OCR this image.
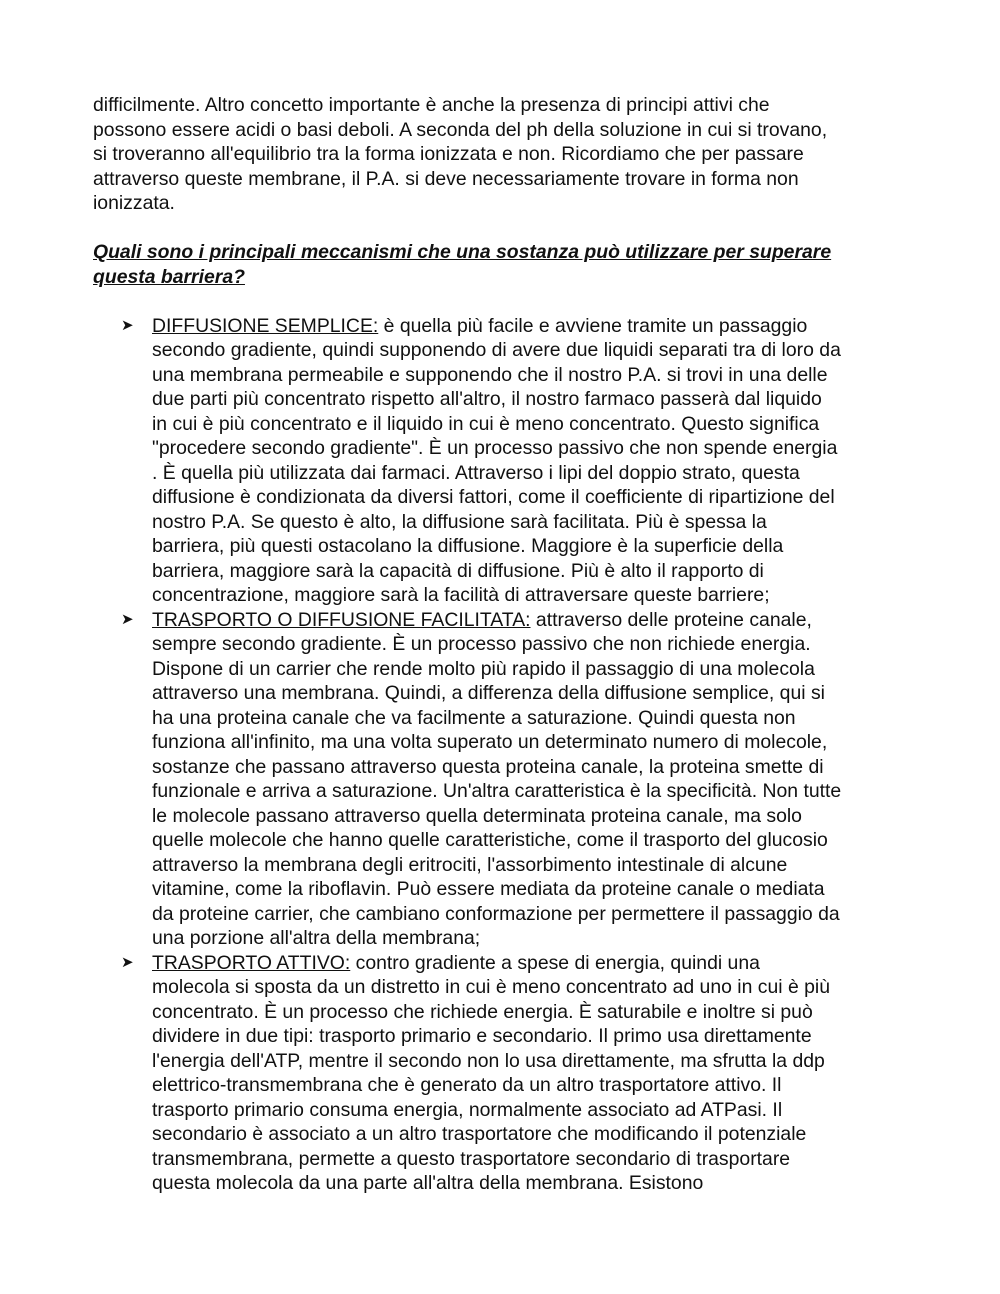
difficilmente. Altro concetto importante è anche la presenza di principi attivi che
possono essere acidi o basi deboli. A seconda del ph della soluzione in cui si trovano,
si troveranno all'equilibrio tra la forma ionizzata e non. Ricordiamo che per passare
attraverso queste membrane, il P.A. si deve necessariamente trovare in forma non
ionizzata.

Quali sono i principali meccanismi che una sostanza può utilizzare per superare
questa barriera?

➤ DIFFUSIONE SEMPLICE: è quella più facile e avviene tramite un passaggio
secondo gradiente, quindi supponendo di avere due liquidi separati tra di loro da
una membrana permeabile e supponendo che il nostro P.A. si trovi in una delle
due parti più concentrato rispetto all'altro, il nostro farmaco passerà dal liquido
in cui è più concentrato e il liquido in cui è meno concentrato. Questo significa
"procedere secondo gradiente". È un processo passivo che non spende energia
. È quella più utilizzata dai farmaci. Attraverso i lipi del doppio strato, questa
diffusione è condizionata da diversi fattori, come il coefficiente di ripartizione del
nostro P.A. Se questo è alto, la diffusione sarà facilitata. Più è spessa la
barriera, più questi ostacolano la diffusione. Maggiore è la superficie della
barriera, maggiore sarà la capacità di diffusione. Più è alto il rapporto di
concentrazione, maggiore sarà la facilità di attraversare queste barriere;
➤ TRASPORTO O DIFFUSIONE FACILITATA: attraverso delle proteine canale,
sempre secondo gradiente. È un processo passivo che non richiede energia.
Dispone di un carrier che rende molto più rapido il passaggio di una molecola
attraverso una membrana. Quindi, a differenza della diffusione semplice, qui si
ha una proteina canale che va facilmente a saturazione. Quindi questa non
funziona all'infinito, ma una volta superato un determinato numero di molecole,
sostanze che passano attraverso questa proteina canale, la proteina smette di
funzionale e arriva a saturazione. Un'altra caratteristica è la specificità. Non tutte
le molecole passano attraverso quella determinata proteina canale, ma solo
quelle molecole che hanno quelle caratteristiche, come il trasporto del glucosio
attraverso la membrana degli eritrociti, l'assorbimento intestinale di alcune
vitamine, come la riboflavin. Può essere mediata da proteine canale o mediata
da proteine carrier, che cambiano conformazione per permettere il passaggio da
una porzione all'altra della membrana;
➤ TRASPORTO ATTIVO: contro gradiente a spese di energia, quindi una
molecola si sposta da un distretto in cui è meno concentrato ad uno in cui è più
concentrato. È un processo che richiede energia. È saturabile e inoltre si può
dividere in due tipi: trasporto primario e secondario. Il primo usa direttamente
l'energia dell'ATP, mentre il secondo non lo usa direttamente, ma sfrutta la ddp
elettrico-transmembrana che è generato da un altro trasportatore attivo. Il
trasporto primario consuma energia, normalmente associato ad ATPasi. Il
secondario è associato a un altro trasportatore che modificando il potenziale
transmembrana, permette a questo trasportatore secondario di trasportare
questa molecola da una parte all'altra della membrana. Esistono
